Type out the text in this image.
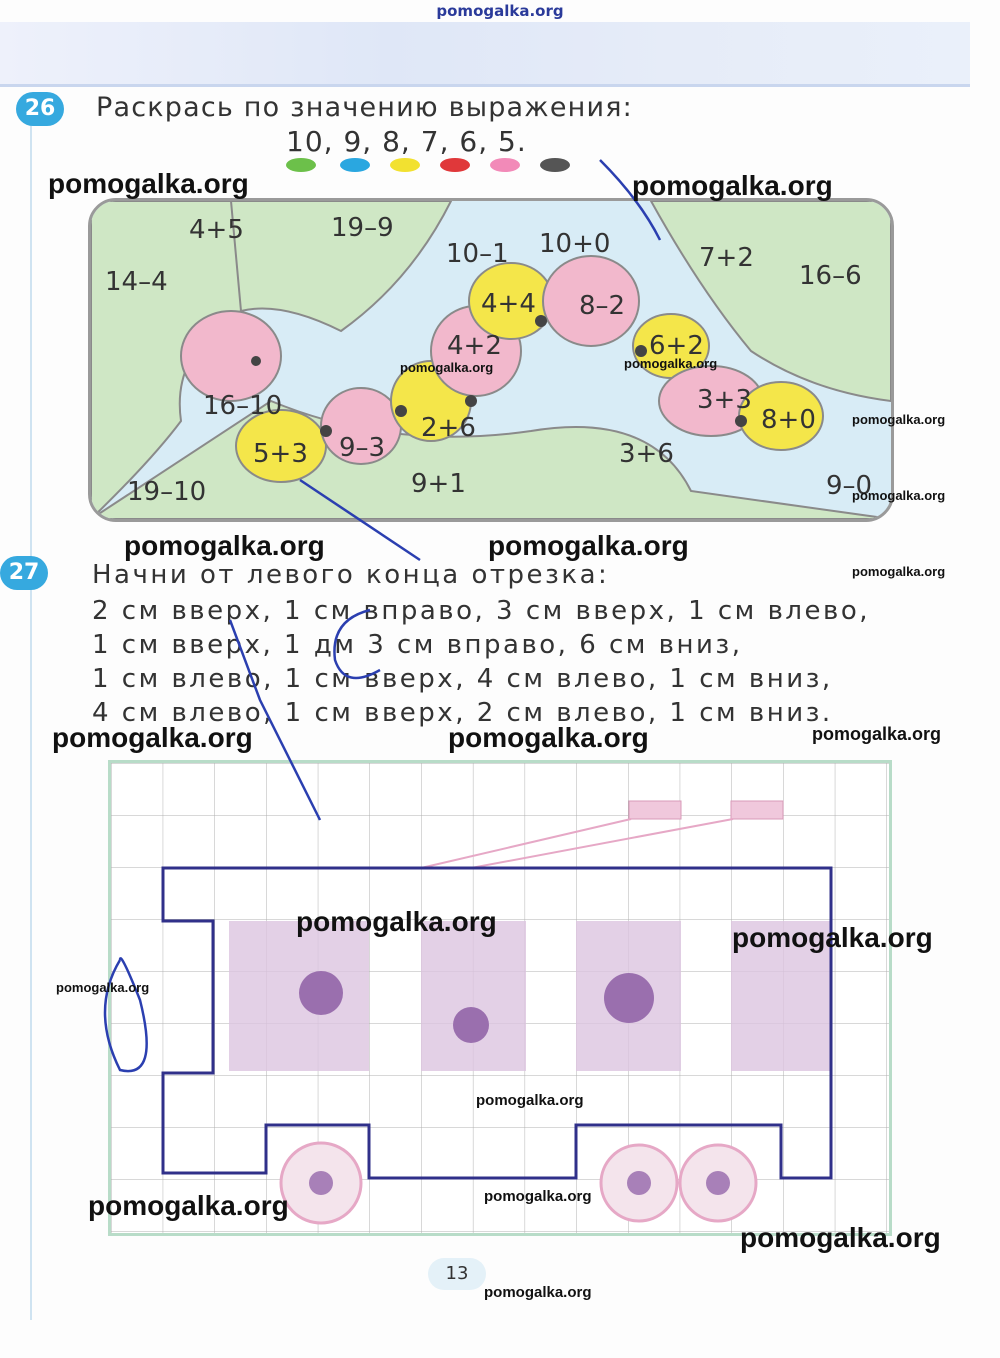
pomogalka.org
26	Раскрась по значению выражения:
10, 9, 8, 7, 6, 5.
4+5	19–9
10–1 10+0	7+2
16–6
14–4
4+4 8–2
4+2	6+2
16–10	3+3
8+0
5+3 9–3
2+6
3+6
9+1
19–10	9–0
27	Начни от левого конца отрезка:
2 см вверх, 1 см вправо, 3 см вверх, 1 см влево,
1 см вверх, 1 дм 3 см вправо, 6 см вниз,
1 см влево, 1 см вверх, 4 см влево, 1 см вниз,
4 см влево, 1 см вверх, 2 см влево, 1 см вниз.
13
pomogalka.org	pomogalka.org
pomogalka.org	pomogalka.org
pomogalka.org
pomogalka.org
pomogalka.org	pomogalka.org
pomogalka.org
pomogalka.org	pomogalka.org	pomogalka.org
pomogalka.org
pomogalka.org
pomogalka.org
pomogalka.org
pomogalka.org
pomogalka.org
pomogalka.org
pomogalka.org
